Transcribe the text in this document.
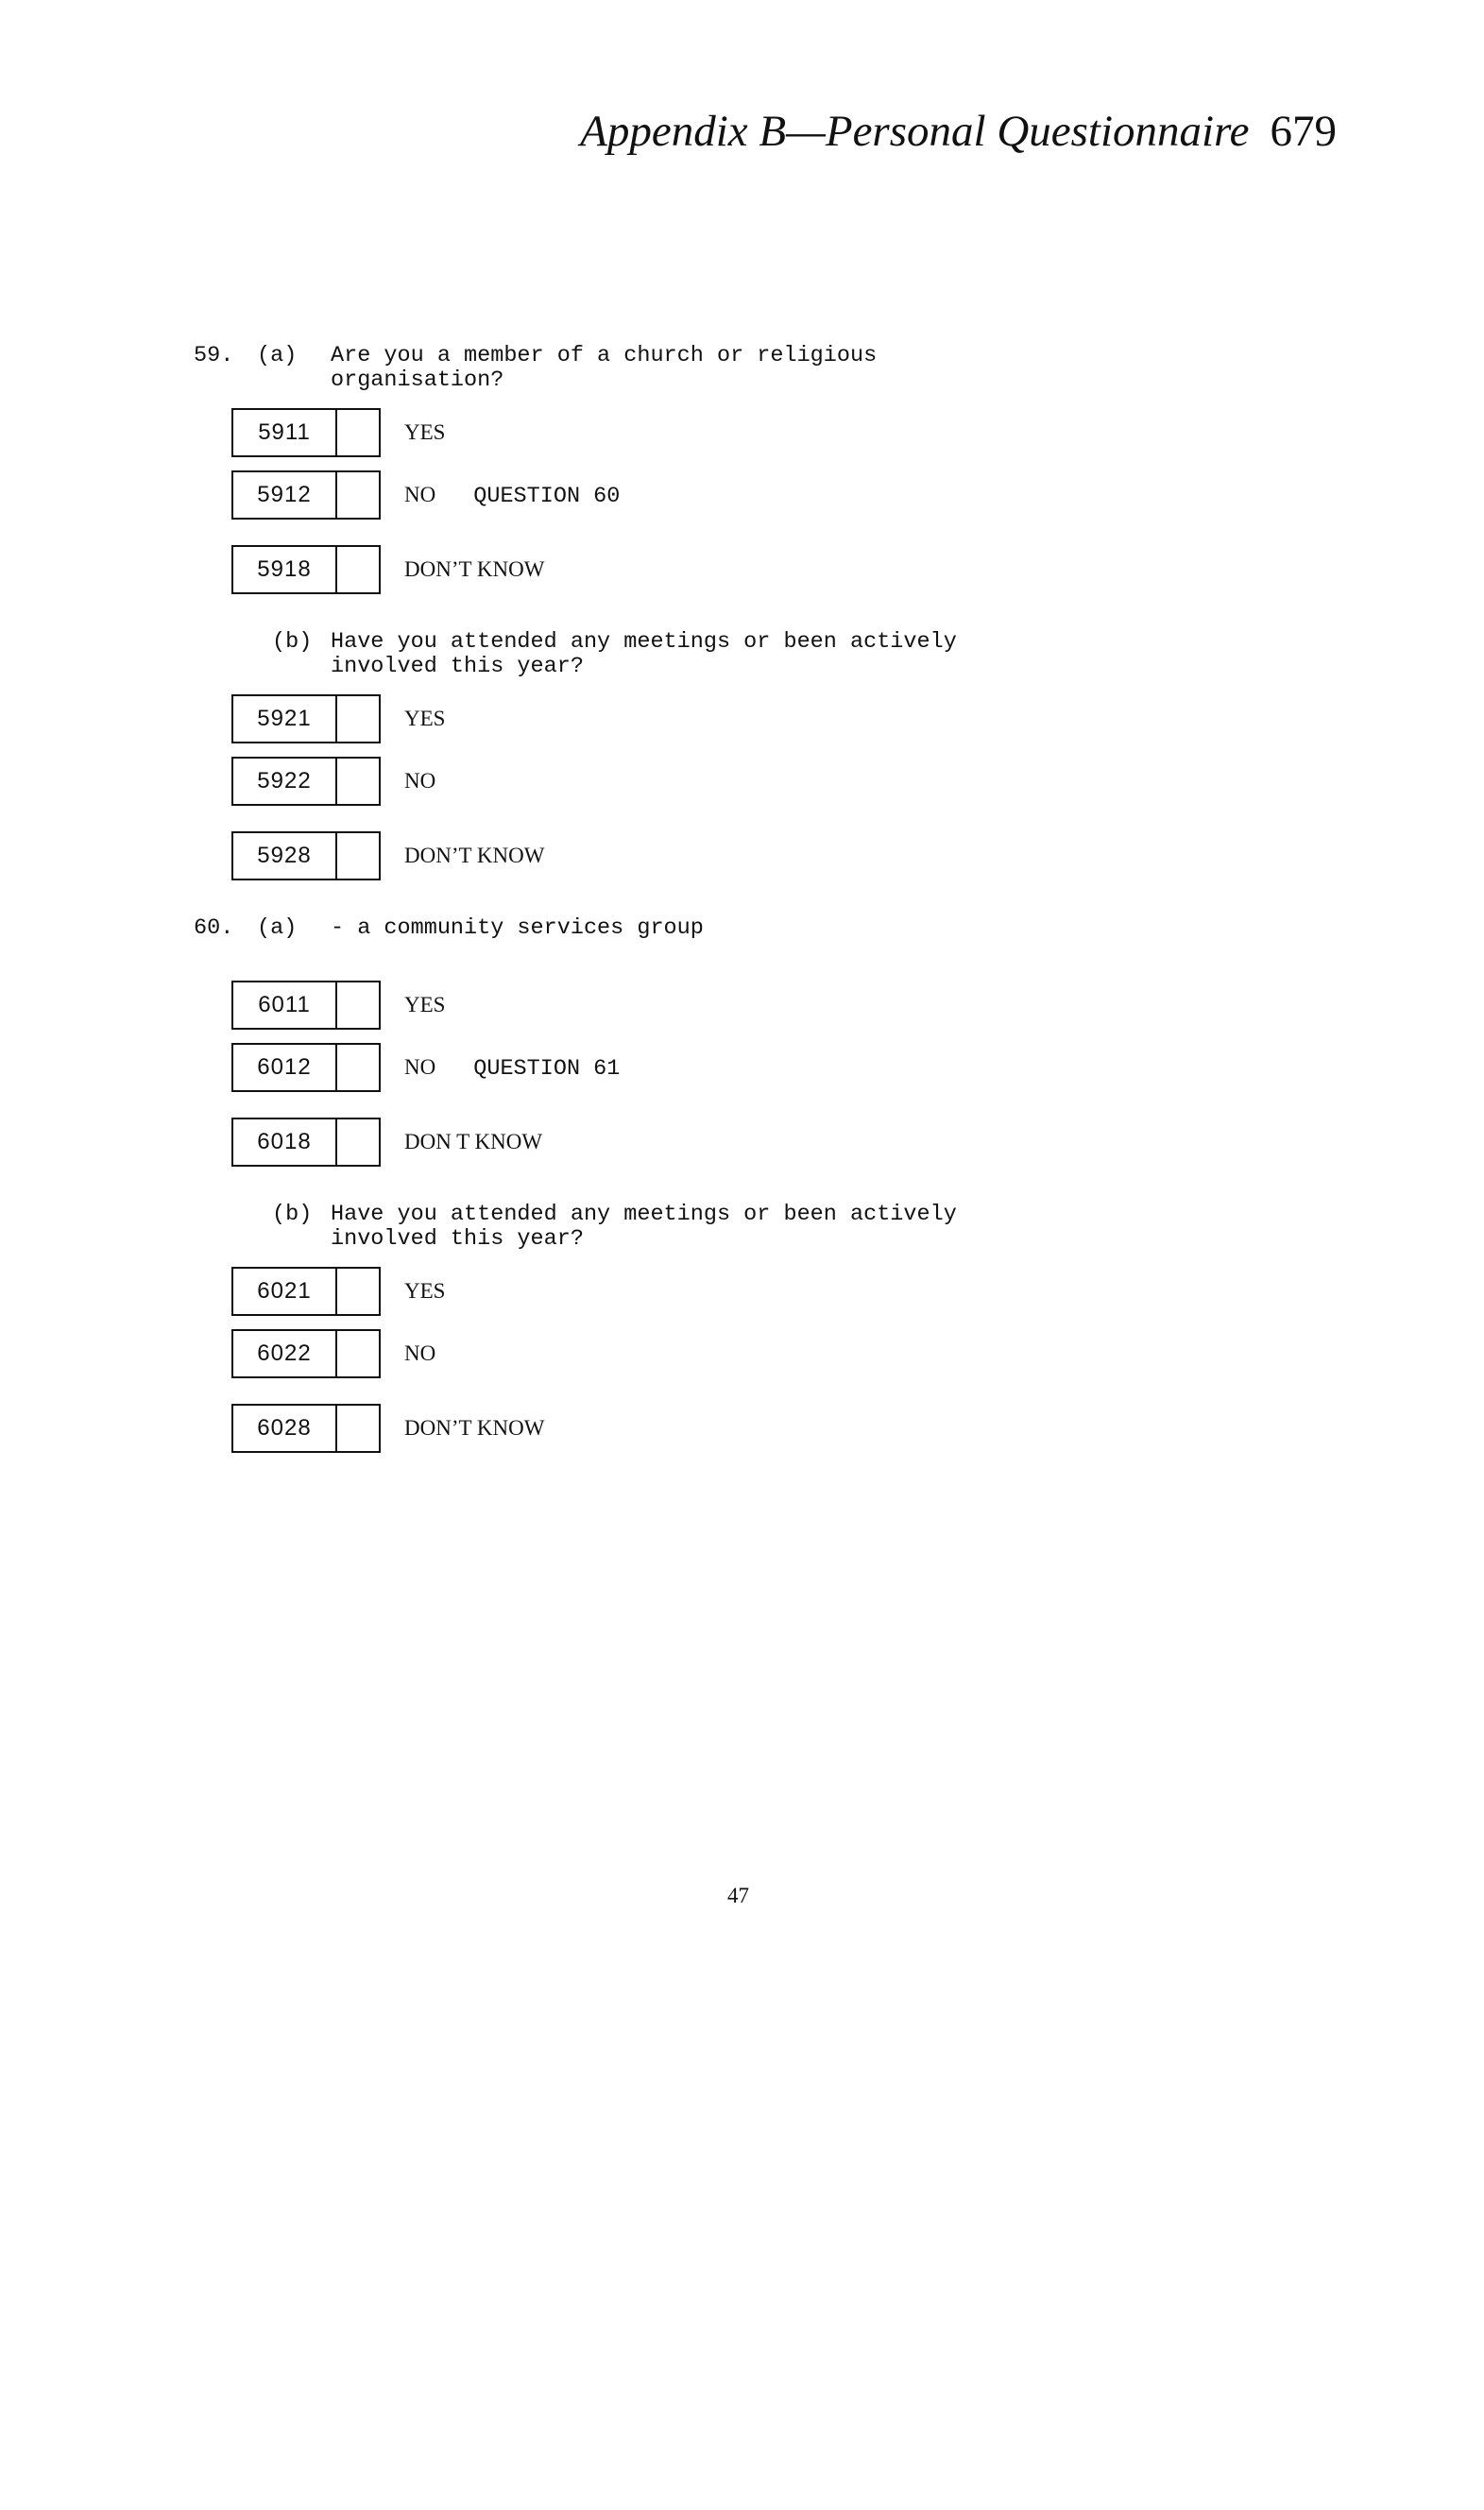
Appendix B—Personal Questionnaire 679
59. (a) Are you a member of a church or religious
organisation?
5911	YES
5912	NO QUESTION 60
5918	DON’T KNOW
(b) Have you attended any meetings or been actively
involved this year?
5921	YES
5922	NO
5928	DON’T KNOW
60. (a) - a community services group
6011	YES
6012	NO QUESTION 61
6018	DON T KNOW
(b) Have you attended any meetings or been actively
involved this year?
6021	YES
6022	NO
6028	DON’T KNOW
47
